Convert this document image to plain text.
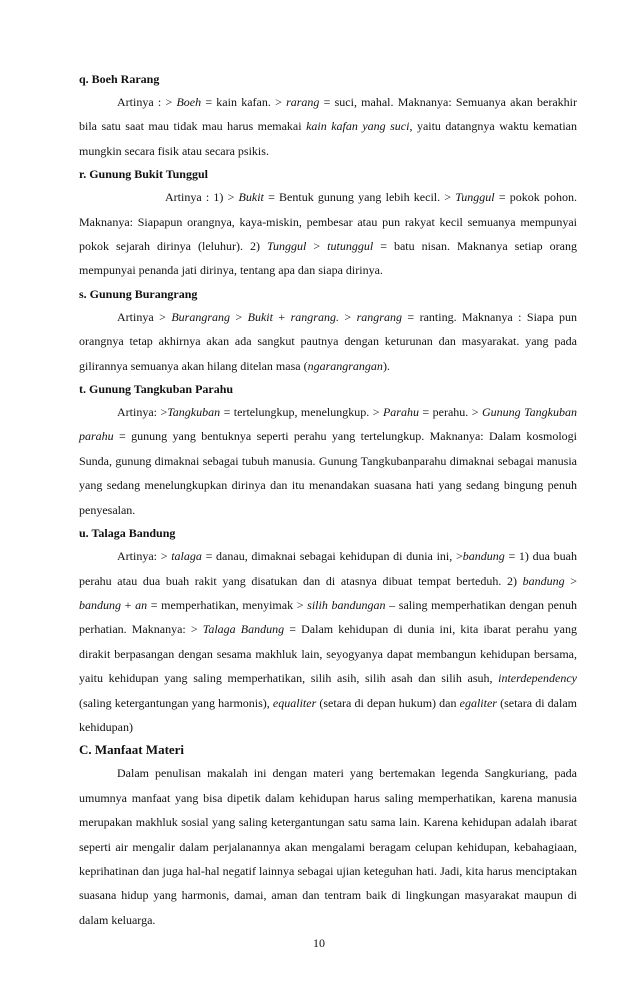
q. Boeh Rarang

Artinya : > Boeh = kain kafan. > rarang = suci, mahal. Maknanya: Semuanya akan berakhir bila satu saat mau tidak mau harus memakai kain kafan yang suci, yaitu datangnya waktu kematian mungkin secara fisik atau secara psikis.

r. Gunung Bukit Tunggul

Artinya : 1) > Bukit = Bentuk gunung yang lebih kecil. > Tunggul = pokok pohon. Maknanya: Siapapun orangnya, kaya-miskin, pembesar atau pun rakyat kecil semuanya mempunyai pokok sejarah dirinya (leluhur). 2) Tunggul > tutunggul = batu nisan. Maknanya setiap orang mempunyai penanda jati dirinya, tentang apa dan siapa dirinya.

s. Gunung Burangrang

Artinya > Burangrang > Bukit + rangrang. > rangrang = ranting. Maknanya : Siapa pun orangnya tetap akhirnya akan ada sangkut pautnya dengan keturunan dan masyarakat. yang pada gilirannya semuanya akan hilang ditelan masa (ngarangrangan).

t. Gunung Tangkuban Parahu

Artinya: >Tangkuban = tertelungkup, menelungkup. > Parahu = perahu. > Gunung Tangkuban parahu = gunung yang bentuknya seperti perahu yang tertelungkup. Maknanya: Dalam kosmologi Sunda, gunung dimaknai sebagai tubuh manusia. Gunung Tangkubanparahu dimaknai sebagai manusia yang sedang menelungkupkan dirinya dan itu menandakan suasana hati yang sedang bingung penuh penyesalan.

u. Talaga Bandung

Artinya: > talaga = danau, dimaknai sebagai kehidupan di dunia ini, >bandung = 1) dua buah perahu atau dua buah rakit yang disatukan dan di atasnya dibuat tempat berteduh. 2) bandung > bandung + an = memperhatikan, menyimak > silih bandungan – saling memperhatikan dengan penuh perhatian. Maknanya: > Talaga Bandung = Dalam kehidupan di dunia ini, kita ibarat perahu yang dirakit berpasangan dengan sesama makhluk lain, seyogyanya dapat membangun kehidupan bersama, yaitu kehidupan yang saling memperhatikan, silih asih, silih asah dan silih asuh, interdependency (saling ketergantungan yang harmonis), equaliter (setara di depan hukum) dan egaliter (setara di dalam kehidupan)

C. Manfaat Materi

Dalam penulisan makalah ini dengan materi yang bertemakan legenda Sangkuriang, pada umumnya manfaat yang bisa dipetik dalam kehidupan harus saling memperhatikan, karena manusia merupakan makhluk sosial yang saling ketergantungan satu sama lain. Karena kehidupan adalah ibarat seperti air mengalir dalam perjalanannya akan mengalami beragam celupan kehidupan, kebahagiaan, keprihatinan dan juga hal-hal negatif lainnya sebagai ujian keteguhan hati. Jadi, kita harus menciptakan suasana hidup yang harmonis, damai, aman dan tentram baik di lingkungan masyarakat maupun di dalam keluarga.

10
